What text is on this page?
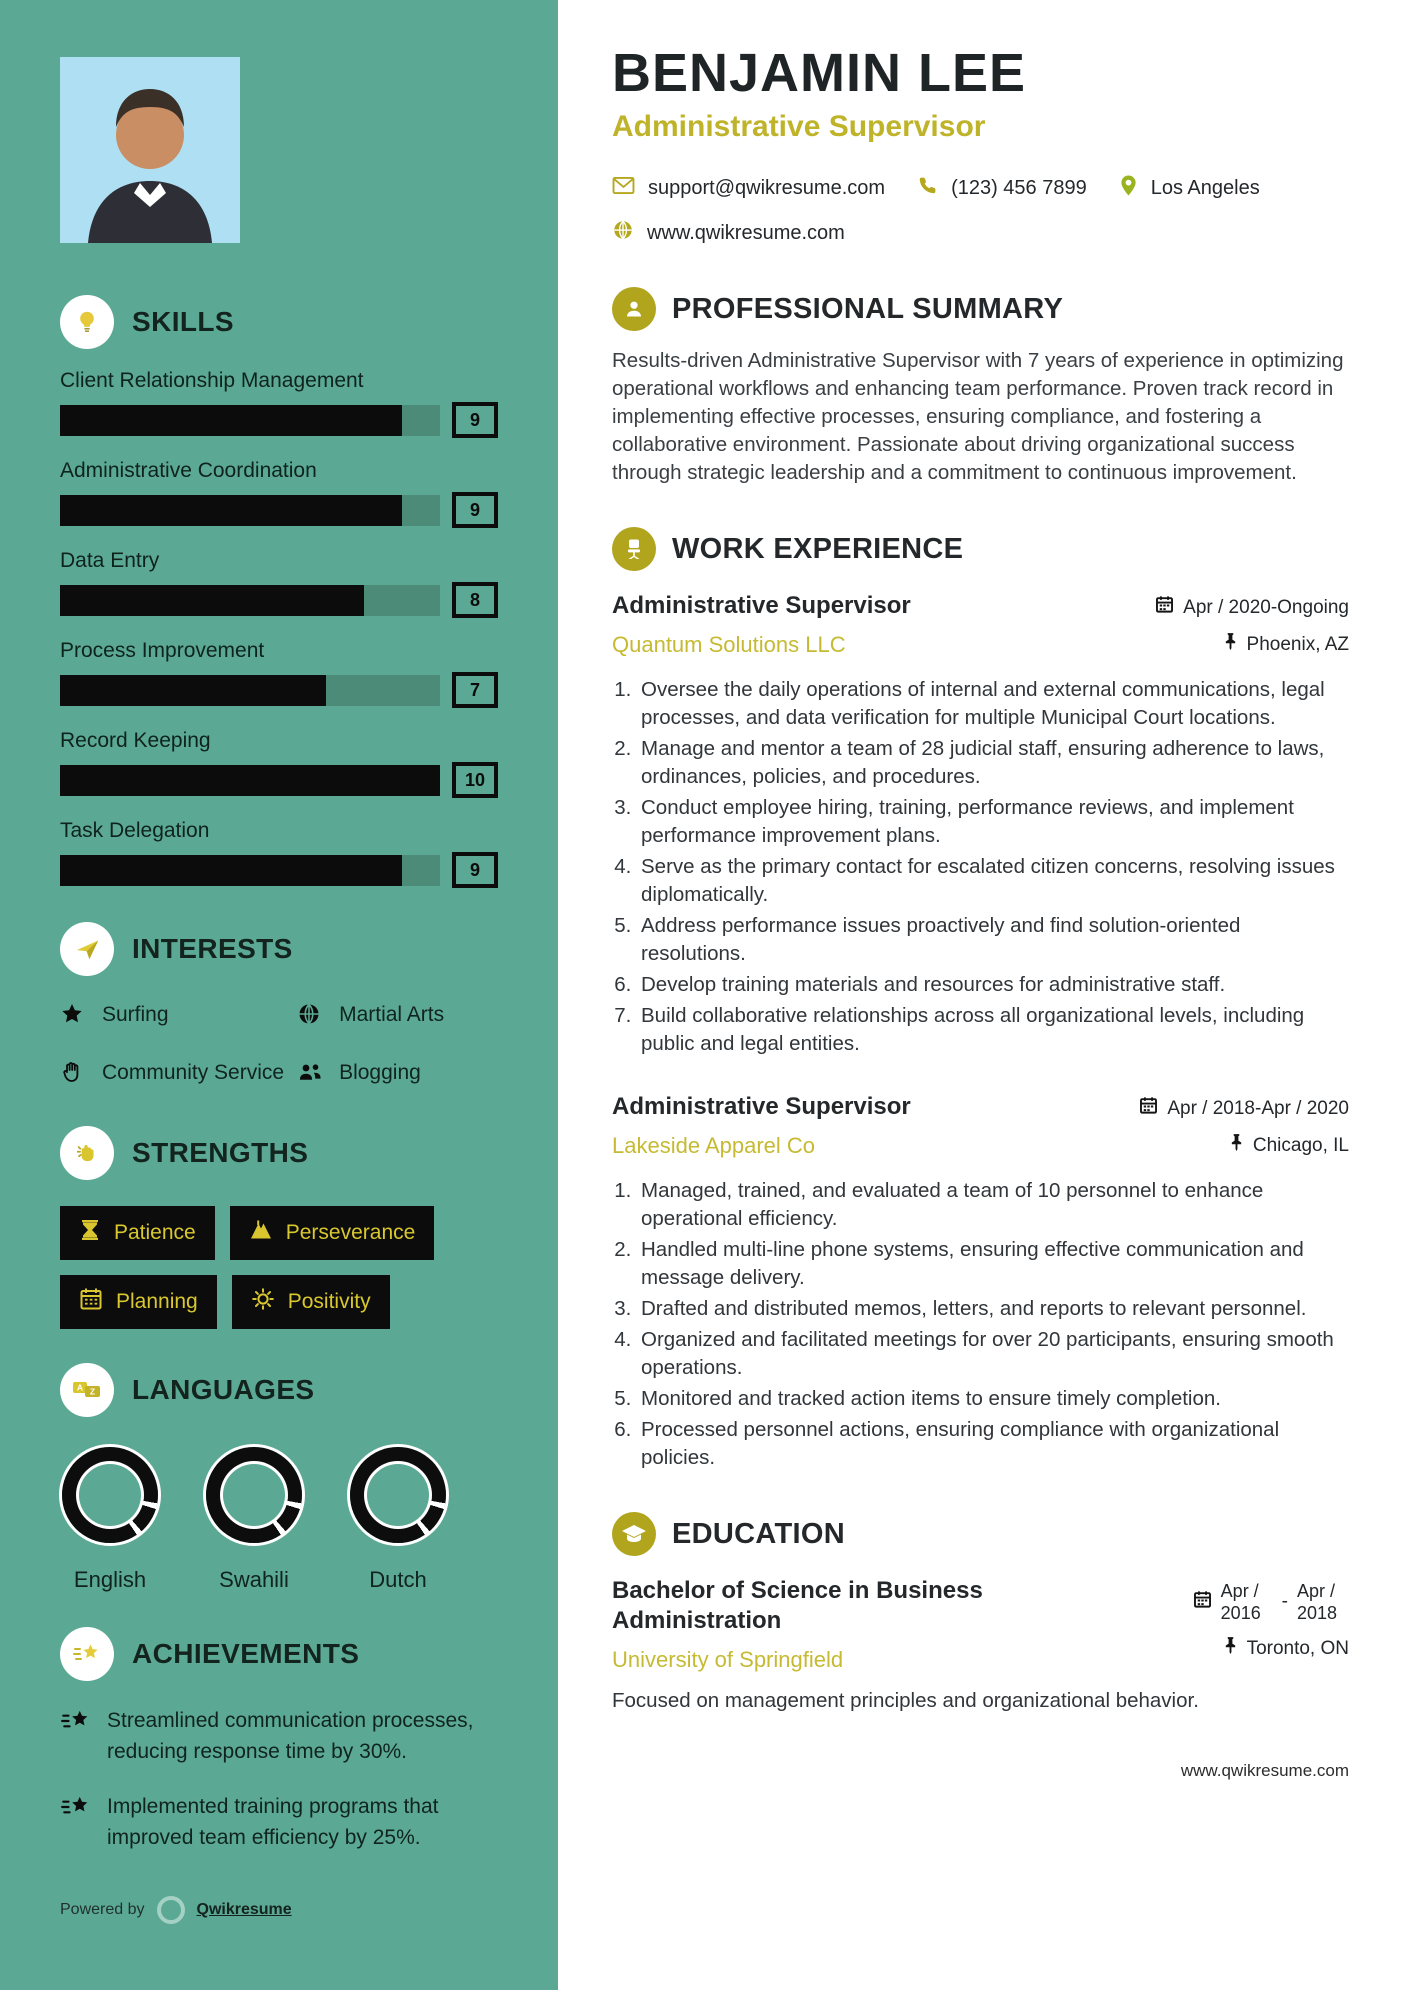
SKILLS
Client Relationship Management
9
Administrative Coordination
9
Data Entry
8
Process Improvement
7
Record Keeping
10
Task Delegation
9
INTERESTS
Surfing	Martial Arts
Community Service	Blogging
STRENGTHS
Patience	Perseverance
Planning	Positivity
A Z LANGUAGES
English	Swahili	Dutch
ACHIEVEMENTS
Streamlined communication processes, reducing response time by 30%.
Implemented training programs that improved team efficiency by 25%.
Powered by	Qwikresume
BENJAMIN LEE
Administrative Supervisor
support@qwikresume.com	(123) 456 7899	Los Angeles
www.qwikresume.com
PROFESSIONAL SUMMARY

Results-driven Administrative Supervisor with 7 years of experience in optimizing operational workflows and enhancing team performance. Proven track record in implementing effective processes, ensuring compliance, and fostering a collaborative environment. Passionate about driving organizational success through strategic leadership and a commitment to continuous improvement.

WORK EXPERIENCE
Administrative Supervisor
Quantum Solutions LLC
Apr / 2020-Ongoing
Phoenix, AZ
1. Oversee the daily operations of internal and external communications, legal processes, and data verification for multiple Municipal Court locations.
2. Manage and mentor a team of 28 judicial staff, ensuring adherence to laws, ordinances, policies, and procedures.
3. Conduct employee hiring, training, performance reviews, and implement performance improvement plans.
4. Serve as the primary contact for escalated citizen concerns, resolving issues diplomatically.
5. Address performance issues proactively and find solution-oriented resolutions.
6. Develop training materials and resources for administrative staff.
7. Build collaborative relationships across all organizational levels, including public and legal entities.
Administrative Supervisor
Lakeside Apparel Co
Apr / 2018-Apr / 2020
Chicago, IL
1. Managed, trained, and evaluated a team of 10 personnel to enhance operational efficiency.
2. Handled multi-line phone systems, ensuring effective communication and message delivery.
3. Drafted and distributed memos, letters, and reports to relevant personnel.
4. Organized and facilitated meetings for over 20 participants, ensuring smooth operations.
5. Monitored and tracked action items to ensure timely completion.
6. Processed personnel actions, ensuring compliance with organizational policies.
EDUCATION
Bachelor of Science in Business Administration
University of Springfield
Apr / 2016
- Apr / 2018
Toronto, ON

Focused on management principles and organizational behavior.

www.qwikresume.com
